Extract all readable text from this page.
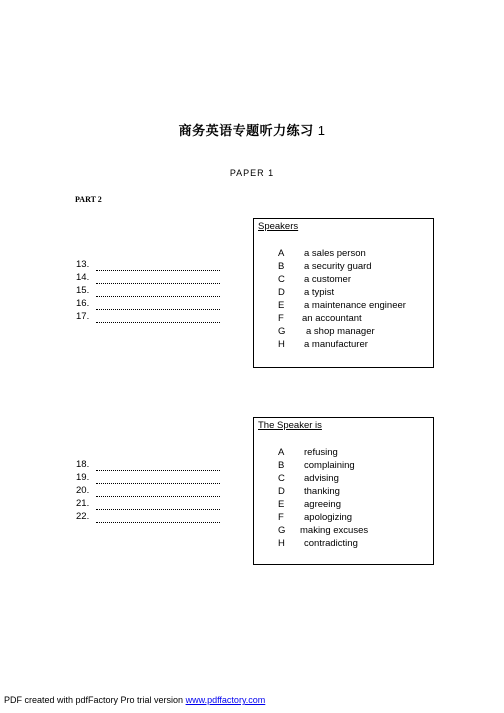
商务英语专题听力练习 1
PAPER 1
PART 2
13.
14.
15.
16.
17.
Speakers
A	a sales person
B	a security guard
C	a customer
D	a typist
E	a maintenance engineer
F	an accountant
G	a shop manager
H	a manufacturer
18.
19.
20.
21.
22.
The Speaker is
A	refusing
B	complaining
C	advising
D	thanking
E	agreeing
F	apologizing
G	making excuses
H	contradicting
PDF created with pdfFactory Pro trial version www.pdffactory.com
